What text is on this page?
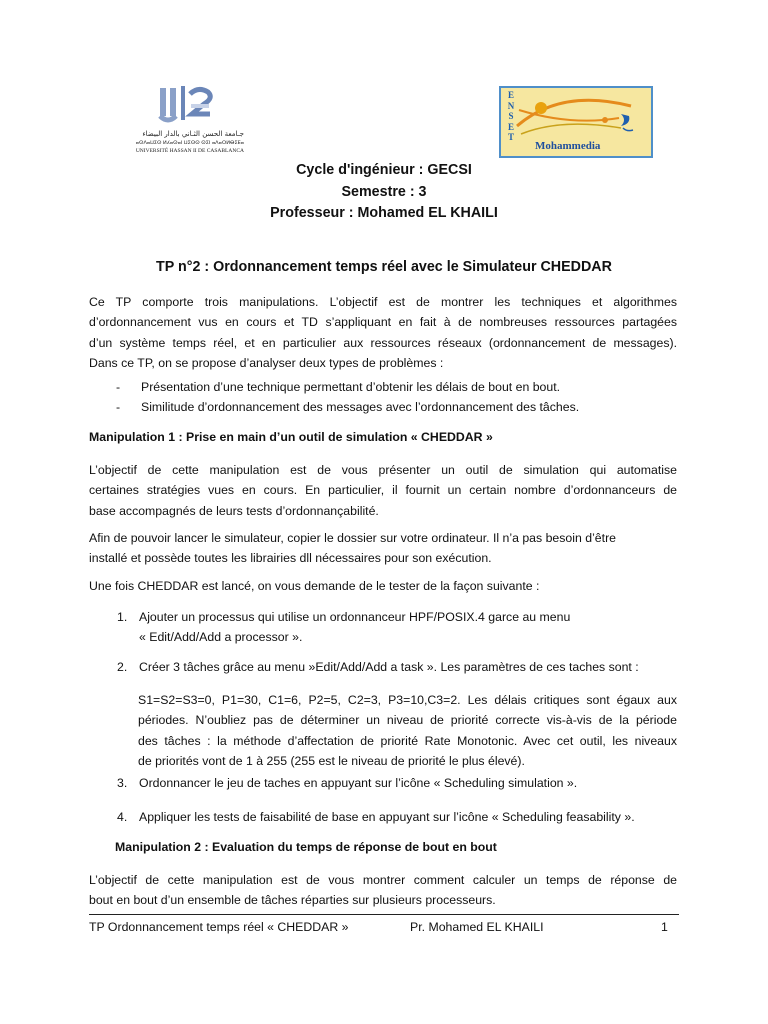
جـامعة الحسن الثـاني بالدار البيضاء
ⴰⵙⴷⴰⵡⵉⵙ ⵍⵃⴰⵙⴰⵏ ⵡⵉⵙⵙ ⵙⵉⵏ ⴰⴷⴰⵔⵍⴱⵉⴹⴰ
UNIVERSITÉ HASSAN II DE CASABLANCA
E
N
S
E
T
Mohammedia
Cycle d'ingénieur : GECSI
Semestre : 3
Professeur : Mohamed EL KHAILI
TP n°2 : Ordonnancement temps réel avec le Simulateur CHEDDAR
Ce TP comporte trois manipulations. L’objectif est de montrer les techniques et algorithmes
d’ordonnancement vus en cours et TD s’appliquant en fait à de nombreuses ressources partagées
d’un système temps réel, et en particulier aux ressources réseaux (ordonnancement de messages).
Dans ce TP, on se propose d’analyser deux types de problèmes :
- Présentation d’une technique permettant d’obtenir les délais de bout en bout.
- Similitude d’ordonnancement des messages avec l’ordonnancement des tâches.
Manipulation 1 : Prise en main d’un outil de simulation « CHEDDAR »
L’objectif de cette manipulation est de vous présenter un outil de simulation qui automatise
certaines stratégies vues en cours. En particulier, il fournit un certain nombre d’ordonnanceurs de
base accompagnés de leurs tests d’ordonnançabilité.
Afin de pouvoir lancer le simulateur, copier le dossier sur votre ordinateur. Il n’a pas besoin d’être
installé et possède toutes les librairies dll nécessaires pour son exécution.
Une fois CHEDDAR est lancé, on vous demande de le tester de la façon suivante :
1. Ajouter un processus qui utilise un ordonnanceur HPF/POSIX.4 garce au menu
« Edit/Add/Add a processor ».
2. Créer 3 tâches grâce au menu »Edit/Add/Add a task ». Les paramètres de ces taches sont :
S1=S2=S3=0, P1=30, C1=6, P2=5, C2=3, P3=10,C3=2. Les délais critiques sont égaux aux
périodes. N’oubliez pas de déterminer un niveau de priorité correcte vis-à-vis de la période
des tâches : la méthode d’affectation de priorité Rate Monotonic. Avec cet outil, les niveaux
de priorités vont de 1 à 255 (255 est le niveau de priorité le plus élevé).
3. Ordonnancer le jeu de taches en appuyant sur l’icône « Scheduling simulation ».
4. Appliquer les tests de faisabilité de base en appuyant sur l’icône « Scheduling feasability ».
Manipulation 2 : Evaluation du temps de réponse de bout en bout
L’objectif de cette manipulation est de vous montrer comment calculer un temps de réponse de
bout en bout d’un ensemble de tâches réparties sur plusieurs processeurs.
TP Ordonnancement temps réel « CHEDDAR »	Pr. Mohamed EL KHAILI	1
